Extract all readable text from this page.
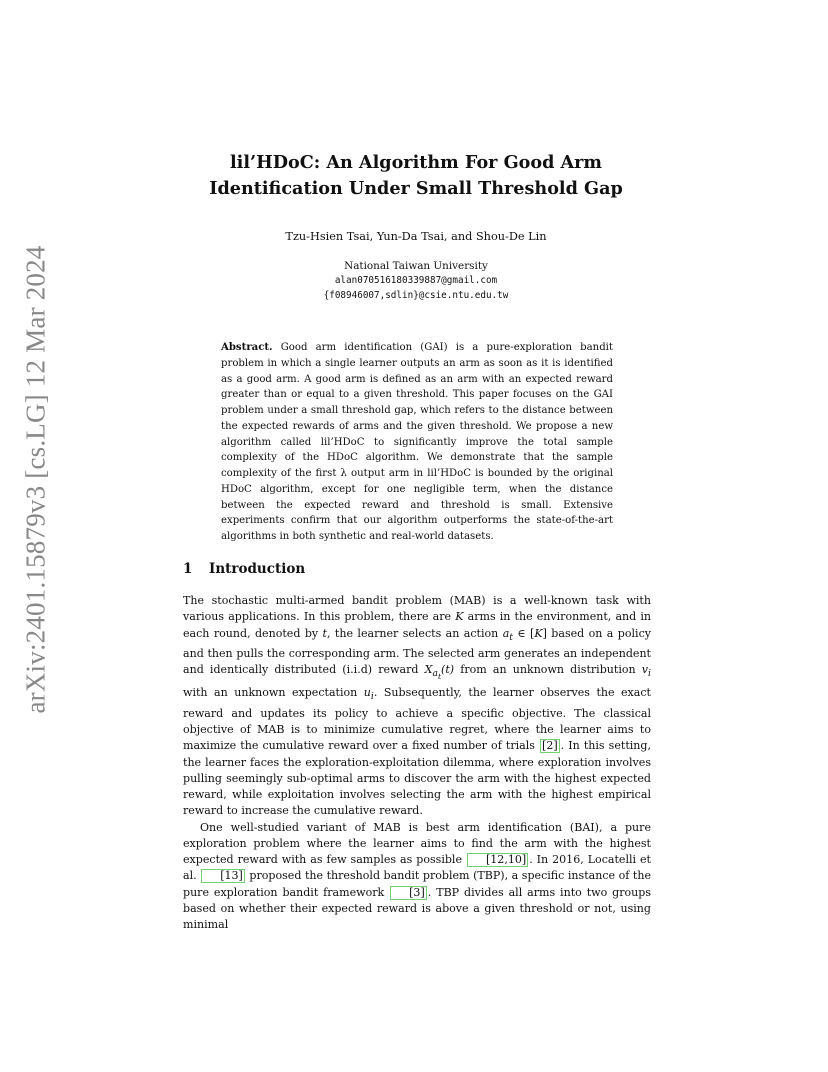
arXiv:2401.15879v3 [cs.LG] 12 Mar 2024
lil’HDoC: An Algorithm For Good Arm
Identification Under Small Threshold Gap
Tzu-Hsien Tsai, Yun-Da Tsai, and Shou-De Lin
National Taiwan University
alan070516180339887@gmail.com
{f08946007,sdlin}@csie.ntu.edu.tw

Abstract. Good arm identification (GAI) is a pure-exploration bandit problem in which a single learner outputs an arm as soon as it is identified as a good arm. A good arm is defined as an arm with an expected reward greater than or equal to a given threshold. This paper focuses on the GAI problem under a small threshold gap, which refers to the distance between the expected rewards of arms and the given threshold. We propose a new algorithm called lil’HDoC to significantly improve the total sample complexity of the HDoC algorithm. We demonstrate that the sample complexity of the first λ output arm in lil’HDoC is bounded by the original HDoC algorithm, except for one negligible term, when the distance between the expected reward and threshold is small. Extensive experiments confirm that our algorithm outperforms the state-of-the-art algorithms in both synthetic and real-world datasets.

1 Introduction

The stochastic multi-armed bandit problem (MAB) is a well-known task with various applications. In this problem, there are K arms in the environment, and in each round, denoted by t, the learner selects an action $a_t$ ∈ [K] based on a policy and then pulls the corresponding arm. The selected arm generates an independent and identically distributed (i.i.d) reward $X_{a_t}(t)$ from an unknown distribution $v_i$ with an unknown expectation $u_i$. Subsequently, the learner observes the exact reward and updates its policy to achieve a specific objective. The classical objective of MAB is to minimize cumulative regret, where the learner aims to maximize the cumulative reward over a fixed number of trials [2] . In this setting, the learner faces the exploration-exploitation dilemma, where exploration involves pulling seemingly sub-optimal arms to discover the arm with the highest expected reward, while exploitation involves selecting the arm with the highest empirical reward to increase the cumulative reward.

One well-studied variant of MAB is best arm identification (BAI), a pure exploration problem where the learner aims to find the arm with the highest expected reward with as few samples as possible [12,10] . In 2016, Locatelli et al. [13] proposed the threshold bandit problem (TBP), a specific instance of the pure exploration bandit framework [3] . TBP divides all arms into two groups based on whether their expected reward is above a given threshold or not, using minimal
